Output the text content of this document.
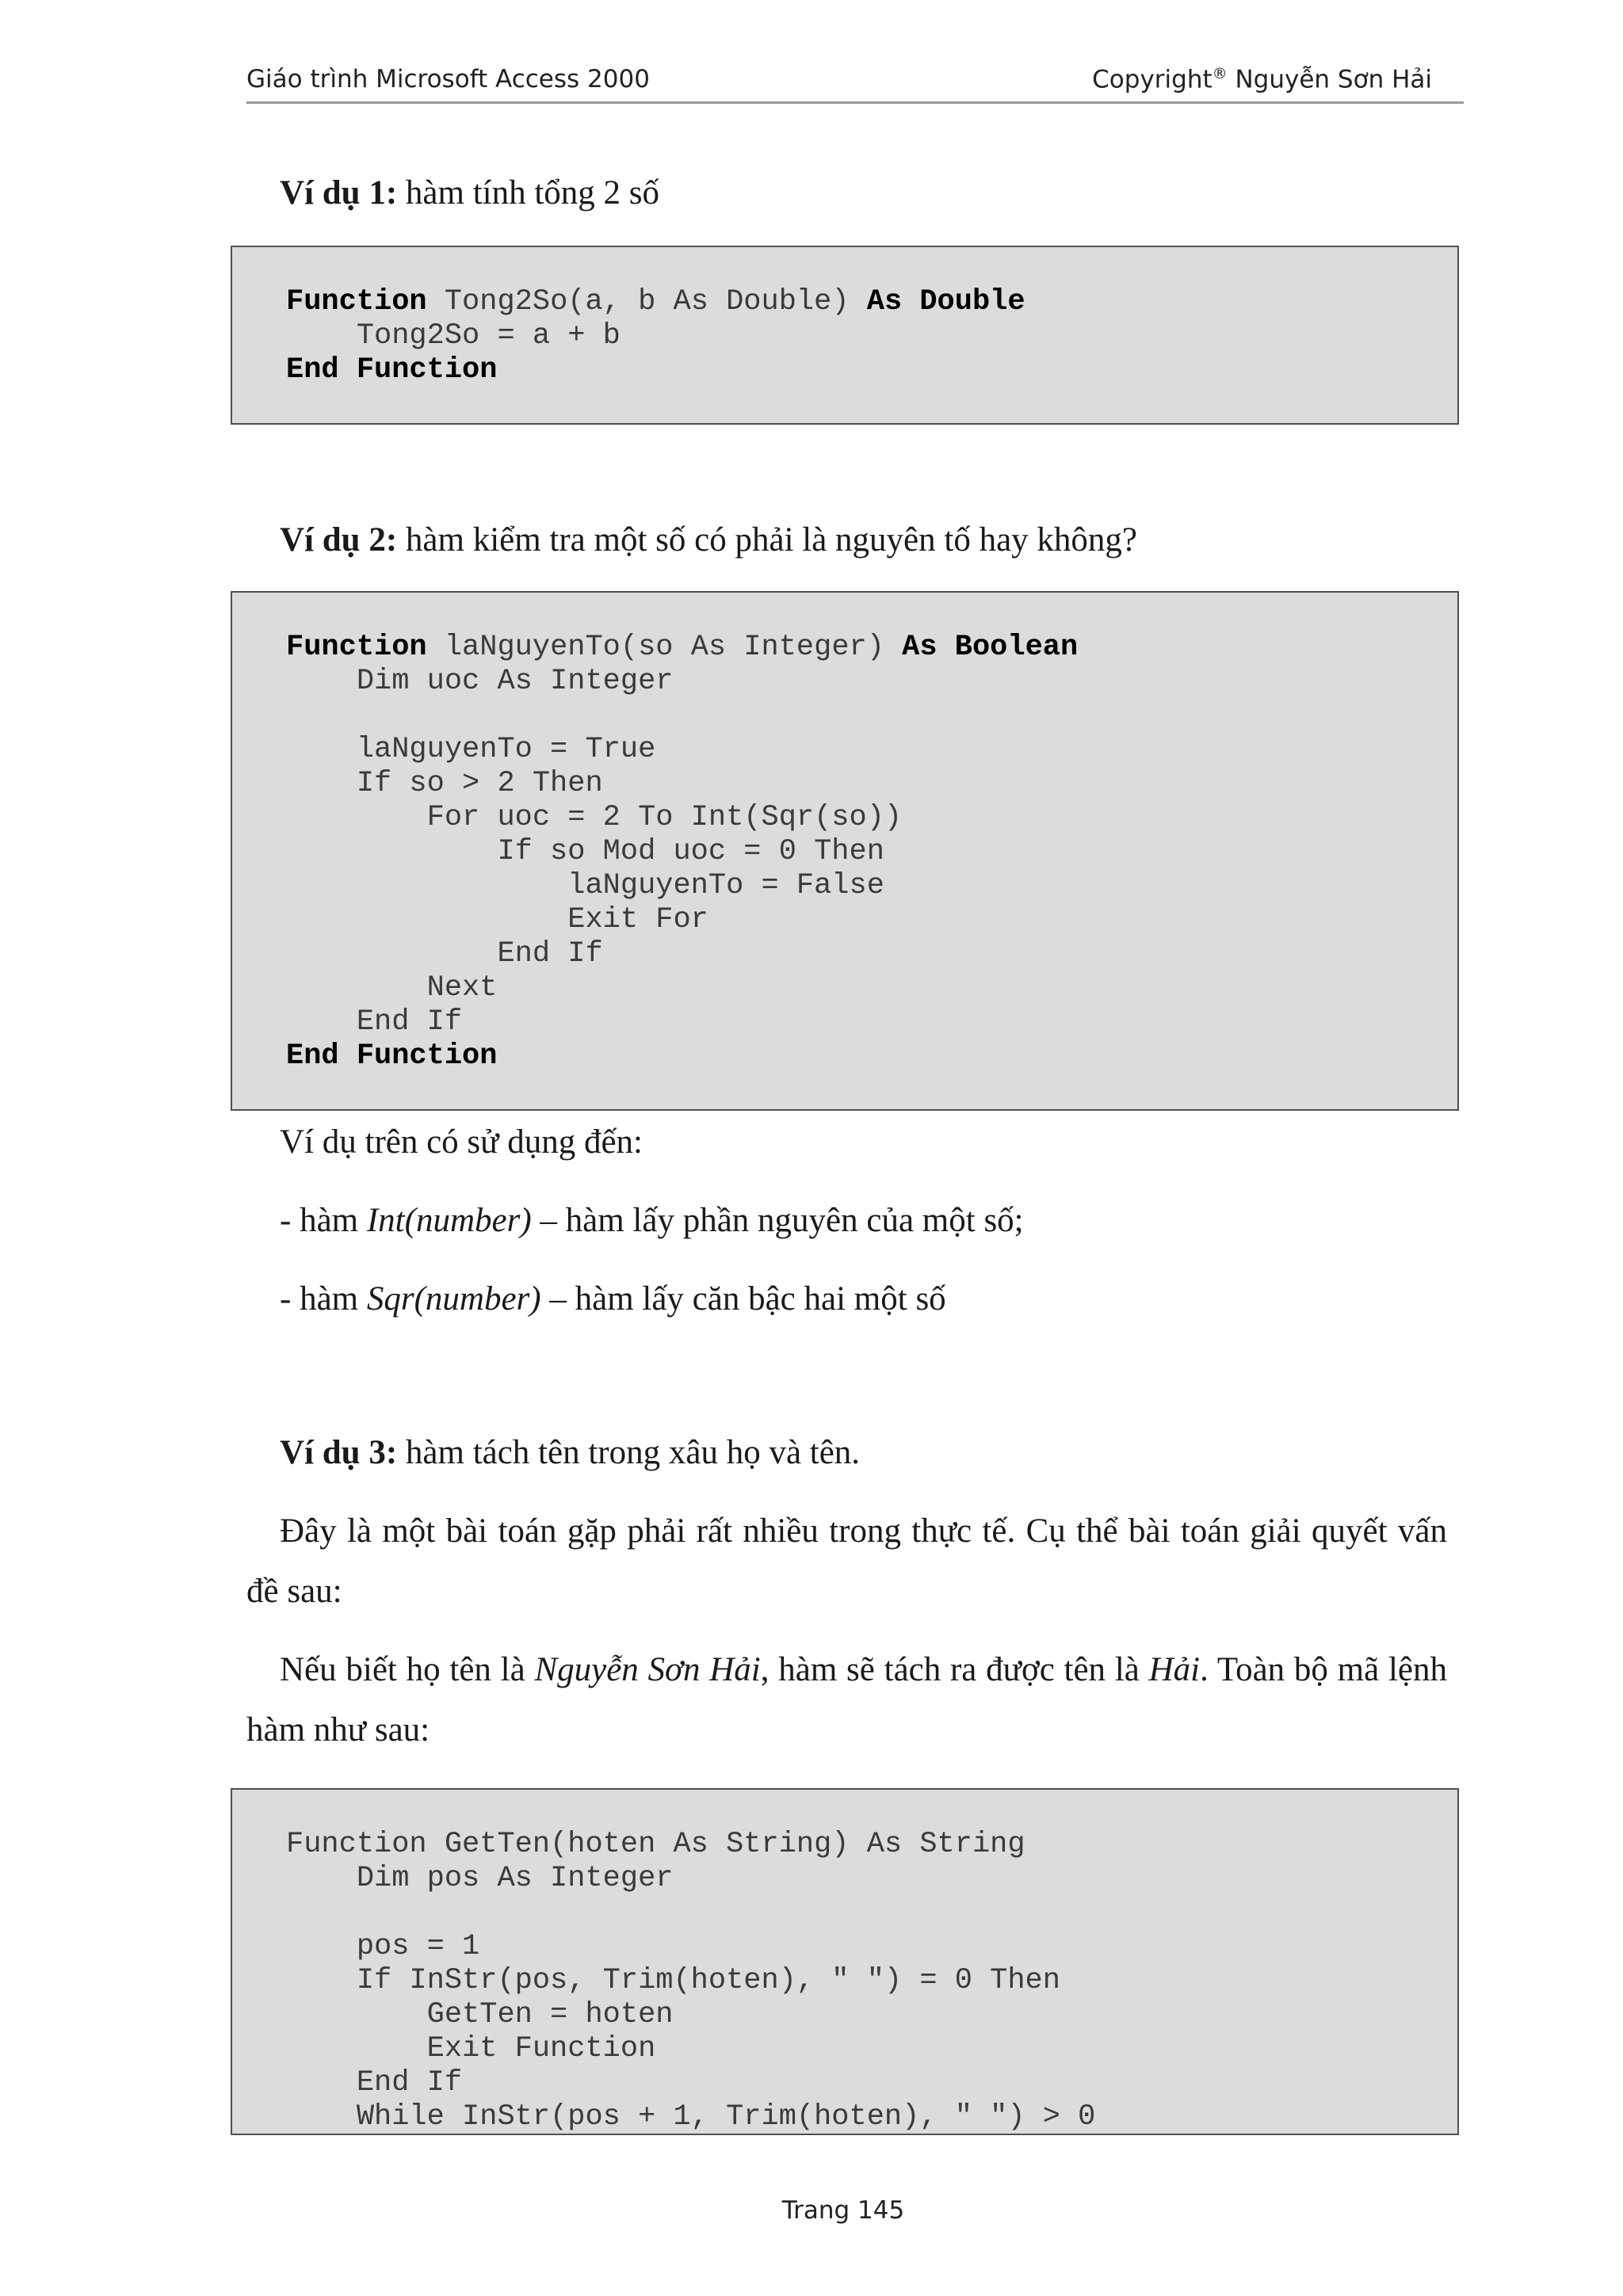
Giáo trình Microsoft Access 2000	Copyright® Nguyễn Sơn Hải
Ví dụ 1: hàm tính tổng 2 số
Function Tong2So(a, b As Double) As Double
Tong2So = a + b
End Function
Ví dụ 2: hàm kiểm tra một số có phải là nguyên tố hay không?
Function laNguyenTo(so As Integer) As Boolean
Dim uoc As Integer
laNguyenTo = True
If so > 2 Then
For uoc = 2 To Int(Sqr(so))
If so Mod uoc = 0 Then
laNguyenTo = False
Exit For
End If
Next
End If
End Function
Ví dụ trên có sử dụng đến:
- hàm Int(number) – hàm lấy phần nguyên của một số;
- hàm Sqr(number) – hàm lấy căn bậc hai một số
Ví dụ 3: hàm tách tên trong xâu họ và tên.
Đây là một bài toán gặp phải rất nhiều trong thực tế. Cụ thể bài toán giải quyết vấn đề sau:
Nếu biết họ tên là Nguyễn Sơn Hải, hàm sẽ tách ra được tên là Hải. Toàn bộ mã lệnh hàm như sau:
Function GetTen(hoten As String) As String
Dim pos As Integer
pos = 1
If InStr(pos, Trim(hoten), " ") = 0 Then
GetTen = hoten
Exit Function
End If
While InStr(pos + 1, Trim(hoten), " ") > 0
Trang 145
